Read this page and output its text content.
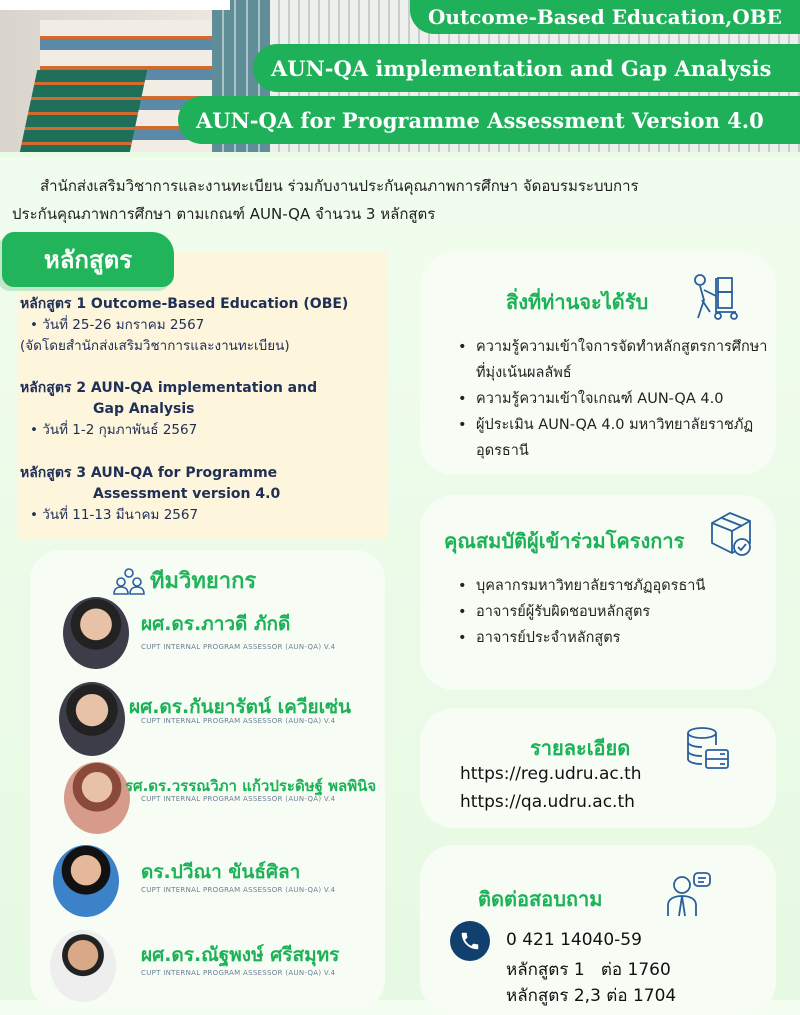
Outcome-Based Education,OBE
AUN-QA implementation and Gap Analysis
AUN-QA for Programme Assessment Version 4.0
สำนักส่งเสริมวิชาการและงานทะเบียน ร่วมกับงานประกันคุณภาพการศึกษา จัดอบรมระบบการ
ประกันคุณภาพการศึกษา ตามเกณฑ์ AUN-QA จำนวน 3 หลักสูตร
หลักสูตร
หลักสูตร 1 Outcome-Based Education (OBE)
• วันที่ 25-26 มกราคม 2567
(จัดโดยสำนักส่งเสริมวิชาการและงานทะเบียน)
หลักสูตร 2 AUN-QA implementation and
Gap Analysis
• วันที่ 1-2 กุมภาพันธ์ 2567
หลักสูตร 3 AUN-QA for Programme
Assessment version 4.0
• วันที่ 11-13 มีนาคม 2567
ทีมวิทยากร
ผศ.ดร.ภาวดี ภักดี
CUPT INTERNAL PROGRAM ASSESSOR (AUN-QA) V.4
ผศ.ดร.กันยารัตน์ เควียเซ่น
CUPT INTERNAL PROGRAM ASSESSOR (AUN-QA) V.4
รศ.ดร.วรรณวิภา แก้วประดิษฐ์ พลพินิจ
CUPT INTERNAL PROGRAM ASSESSOR (AUN-QA) V.4
ดร.ปวีณา ขันธ์ศิลา
CUPT INTERNAL PROGRAM ASSESSOR (AUN-QA) V.4
ผศ.ดร.ณัฐพงษ์ ศรีสมุทร
CUPT INTERNAL PROGRAM ASSESSOR (AUN-QA) V.4
สิ่งที่ท่านจะได้รับ
• ความรู้ความเข้าใจการจัดทำหลักสูตรการศึกษาที่มุ่งเน้นผลลัพธ์
• ความรู้ความเข้าใจเกณฑ์ AUN-QA 4.0
• ผู้ประเมิน AUN-QA 4.0 มหาวิทยาลัยราชภัฏอุดรธานี
คุณสมบัติผู้เข้าร่วมโครงการ
• บุคลากรมหาวิทยาลัยราชภัฏอุดรธานี
• อาจารย์ผู้รับผิดชอบหลักสูตร
• อาจารย์ประจำหลักสูตร
รายละเอียด
https://reg.udru.ac.th
https://qa.udru.ac.th
ติดต่อสอบถาม
0 421 14040-59
หลักสูตร 1   ต่อ 1760
หลักสูตร 2,3 ต่อ 1704
